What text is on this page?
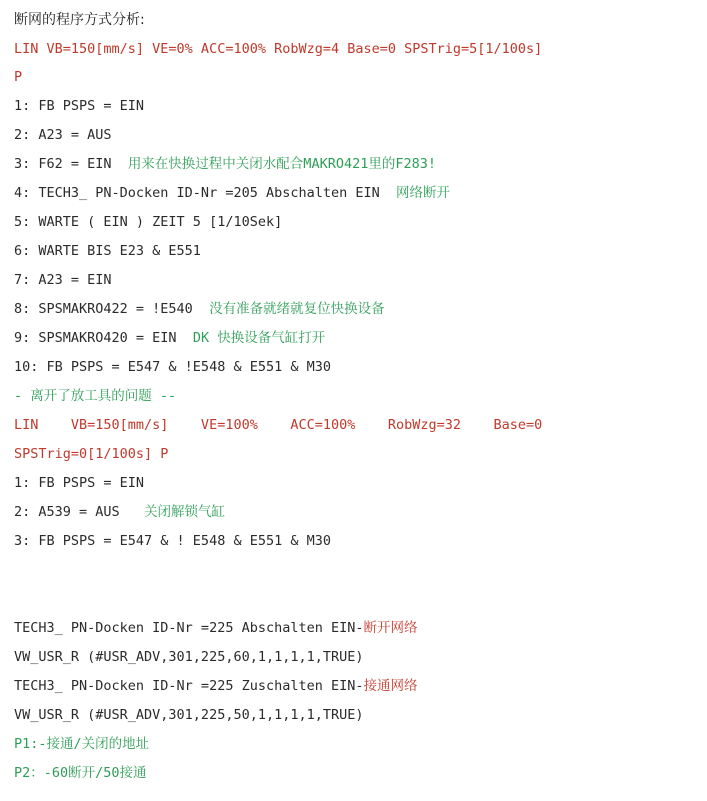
断网的程序方式分析:
LIN VB=150[mm/s] VE=0% ACC=100% RobWzg=4 Base=0 SPSTrig=5[1/100s]
P
1: FB PSPS = EIN
2: A23 = AUS
3: F62 = EIN 用来在快换过程中关闭水配合MAKRO421里的F283!
4: TECH3_ PN-Docken ID-Nr =205 Abschalten EIN 网络断开
5: WARTE ( EIN ) ZEIT 5 [1/10Sek]
6: WARTE BIS E23 & E551
7: A23 = EIN
8: SPSMAKRO422 = !E540 没有准备就绪就复位快换设备
9: SPSMAKRO420 = EIN DK 快换设备气缸打开
10: FB PSPS = E547 & !E548 & E551 & M30
- 离开了放工具的问题 --
LIN    VB=150[mm/s]    VE=100%    ACC=100%    RobWzg=32    Base=0
SPSTrig=0[1/100s] P
1: FB PSPS = EIN
2: A539 = AUS 关闭解锁气缸
3: FB PSPS = E547 & ! E548 & E551 & M30
TECH3_ PN-Docken ID-Nr =225 Abschalten EIN-断开网络
VW_USR_R (#USR_ADV,301,225,60,1,1,1,1,TRUE)
TECH3_ PN-Docken ID-Nr =225 Zuschalten EIN-接通网络
VW_USR_R (#USR_ADV,301,225,50,1,1,1,1,TRUE)
P1:-接通/关闭的地址
P2：-60断开/50接通
